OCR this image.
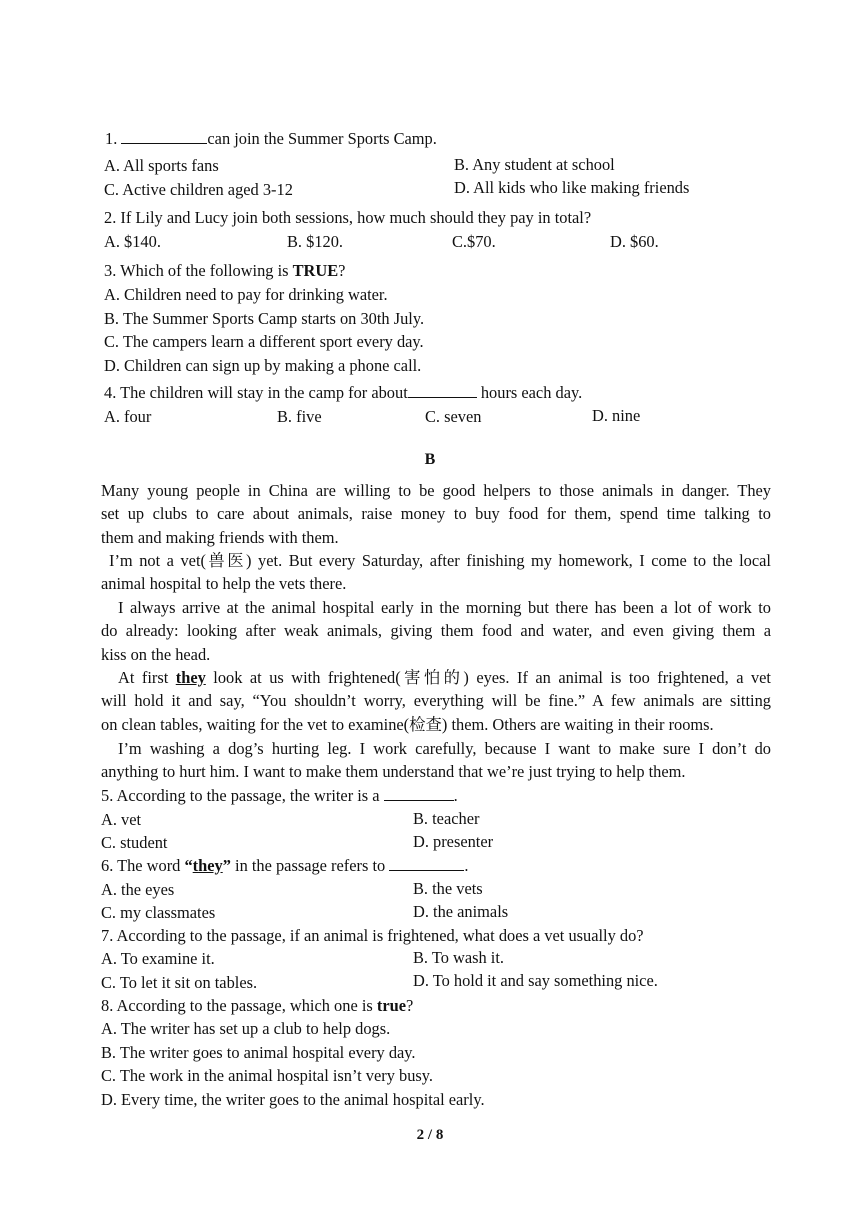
1.	can join the Summer Sports Camp.
A. All sports fans	B. Any student at school
C. Active children aged 3-12	D. All kids who like making friends
2. If Lily and Lucy join both sessions, how much should they pay in total?
A. $140.	B. $120.	C.$70.	D. $60.
3. Which of the following is TRUE?
A. Children need to pay for drinking water.
B. The Summer Sports Camp starts on 30th July.
C. The campers learn a different sport every day.
D. Children can sign up by making a phone call.
4. The children will stay in the camp for about	hours each day.
A. four	B. five	C. seven	D. nine
B
Many young people in China are willing to be good helpers to those animals in danger. They
set up clubs to care about animals, raise money to buy food for them, spend time talking to
them and making friends with them.
I’m not a vet(兽医) yet. But every Saturday, after finishing my homework, I come to the local
animal hospital to help the vets there.
I always arrive at the animal hospital early in the morning but there has been a lot of work to
do already: looking after weak animals, giving them food and water, and even giving them a
kiss on the head.
At first they look at us with frightened(害怕的) eyes. If an animal is too frightened, a vet
will hold it and say, “You shouldn’t worry, everything will be fine.” A few animals are sitting
on clean tables, waiting for the vet to examine(检查) them. Others are waiting in their rooms.
I’m washing a dog’s hurting leg. I work carefully, because I want to make sure I don’t do
anything to hurt him. I want to make them understand that we’re just trying to help them.
5. According to the passage, the writer is a	.
A. vet	B. teacher
C. student	D. presenter
6. The word “they” in the passage refers to	.
A. the eyes	B. the vets
C. my classmates	D. the animals
7. According to the passage, if an animal is frightened, what does a vet usually do?
A. To examine it.	B. To wash it.
C. To let it sit on tables.	D. To hold it and say something nice.
8. According to the passage, which one is true?
A. The writer has set up a club to help dogs.
B. The writer goes to animal hospital every day.
C. The work in the animal hospital isn’t very busy.
D. Every time, the writer goes to the animal hospital early.
2 / 8
